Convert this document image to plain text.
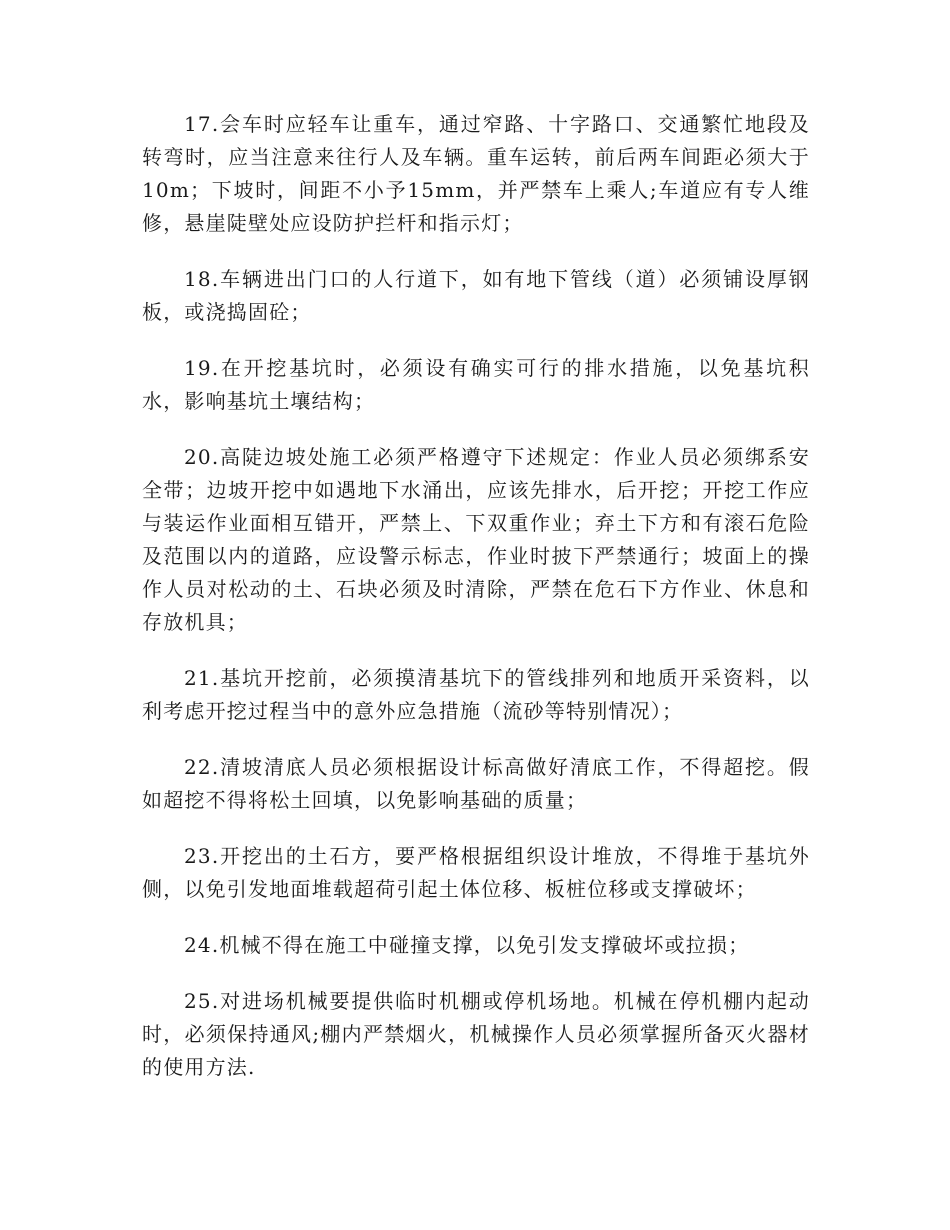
17.会车时应轻车让重车，通过窄路、十字路口、交通繁忙地段及转弯时，应当注意来往行人及车辆。重车运转，前后两车间距必须大于10m；下坡时，间距不小予15mm，并严禁车上乘人;车道应有专人维修，悬崖陡壁处应设防护拦杆和指示灯；

18.车辆进出门口的人行道下，如有地下管线（道）必须铺设厚钢板，或浇捣固砼；

19.在开挖基坑时，必须设有确实可行的排水措施，以免基坑积水，影响基坑土壤结构；

20.高陡边坡处施工必须严格遵守下述规定：作业人员必须绑系安全带；边坡开挖中如遇地下水涌出，应该先排水，后开挖；开挖工作应与装运作业面相互错开，严禁上、下双重作业；弃土下方和有滚石危险及范围以内的道路，应设警示标志，作业时披下严禁通行；坡面上的操作人员对松动的土、石块必须及时清除，严禁在危石下方作业、休息和存放机具；

21.基坑开挖前，必须摸清基坑下的管线排列和地质开采资料，以利考虑开挖过程当中的意外应急措施（流砂等特别情况）；

22.清坡清底人员必须根据设计标高做好清底工作，不得超挖。假如超挖不得将松土回填，以免影响基础的质量；

23.开挖出的土石方，要严格根据组织设计堆放，不得堆于基坑外侧，以免引发地面堆载超荷引起土体位移、板桩位移或支撑破坏；

24.机械不得在施工中碰撞支撑，以免引发支撑破坏或拉损；

25.对进场机械要提供临时机棚或停机场地。机械在停机棚内起动时，必须保持通风;棚内严禁烟火，机械操作人员必须掌握所备灭火器材的使用方法.
